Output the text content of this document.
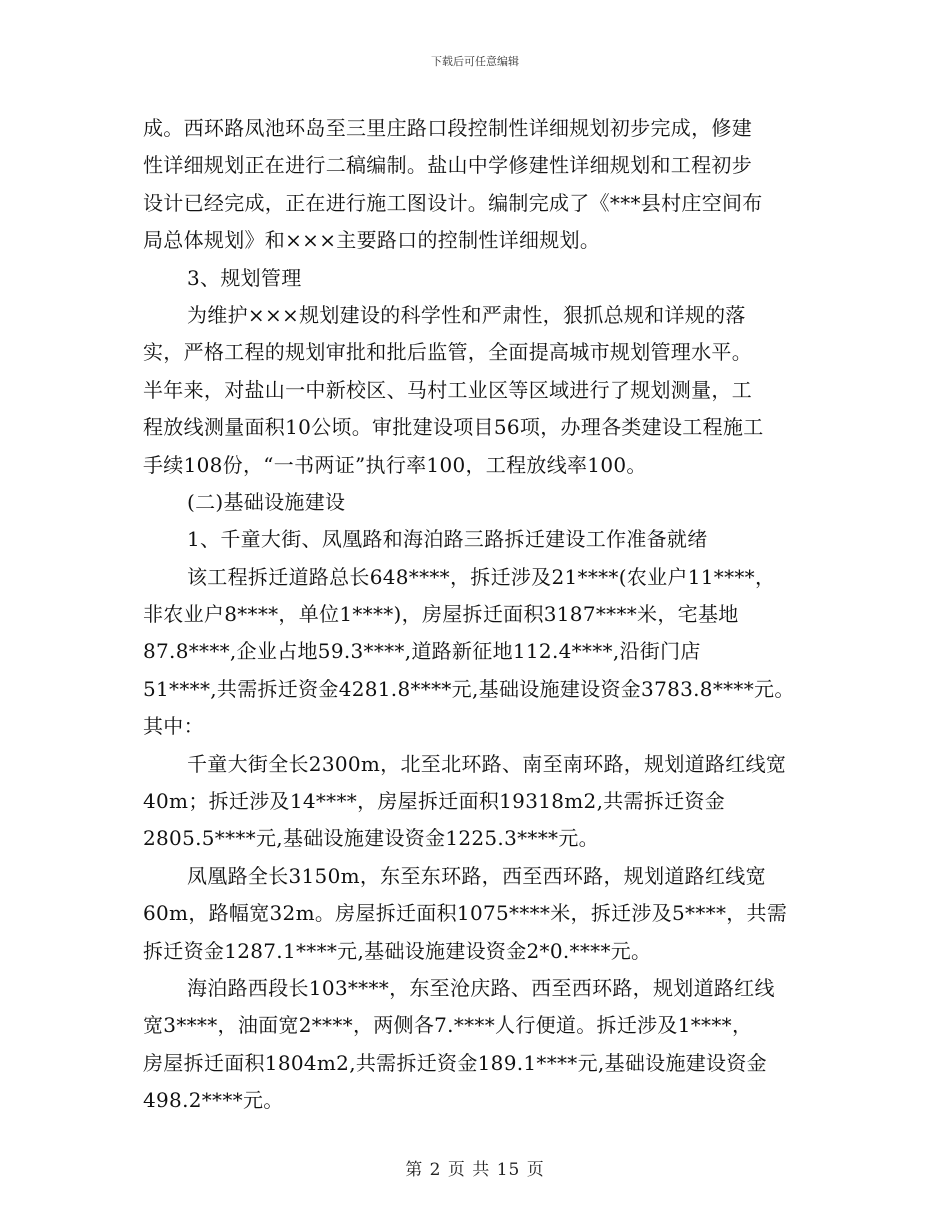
下载后可任意编辑
成。西环路凤池环岛至三里庄路口段控制性详细规划初步完成，修建
性详细规划正在进行二稿编制。盐山中学修建性详细规划和工程初步
设计已经完成，正在进行施工图设计。编制完成了《***县村庄空间布
局总体规划》和×××主要路口的控制性详细规划。
3、规划管理
为维护×××规划建设的科学性和严肃性，狠抓总规和详规的落
实，严格工程的规划审批和批后监管，全面提高城市规划管理水平。
半年来，对盐山一中新校区、马村工业区等区域进行了规划测量，工
程放线测量面积10公顷。审批建设项目56项，办理各类建设工程施工
手续108份，“一书两证”执行率100，工程放线率100。
(二)基础设施建设
1、千童大街、凤凰路和海泊路三路拆迁建设工作准备就绪
该工程拆迁道路总长648****，拆迁涉及21****(农业户11****，
非农业户8****，单位1****)，房屋拆迁面积3187****米，宅基地
87.8****,企业占地59.3****,道路新征地112.4****,沿街门店
51****,共需拆迁资金4281.8****元,基础设施建设资金3783.8****元。
其中：
千童大街全长2300m，北至北环路、南至南环路，规划道路红线宽
40m；拆迁涉及14****，房屋拆迁面积19318m2,共需拆迁资金
2805.5****元,基础设施建设资金1225.3****元。
凤凰路全长3150m，东至东环路，西至西环路，规划道路红线宽
60m，路幅宽32m。房屋拆迁面积1075****米，拆迁涉及5****，共需
拆迁资金1287.1****元,基础设施建设资金2*0.****元。
海泊路西段长103****，东至沧庆路、西至西环路，规划道路红线
宽3****，油面宽2****，两侧各7.****人行便道。拆迁涉及1****，
房屋拆迁面积1804m2,共需拆迁资金189.1****元,基础设施建设资金
498.2****元。
第 2 页 共 15 页
